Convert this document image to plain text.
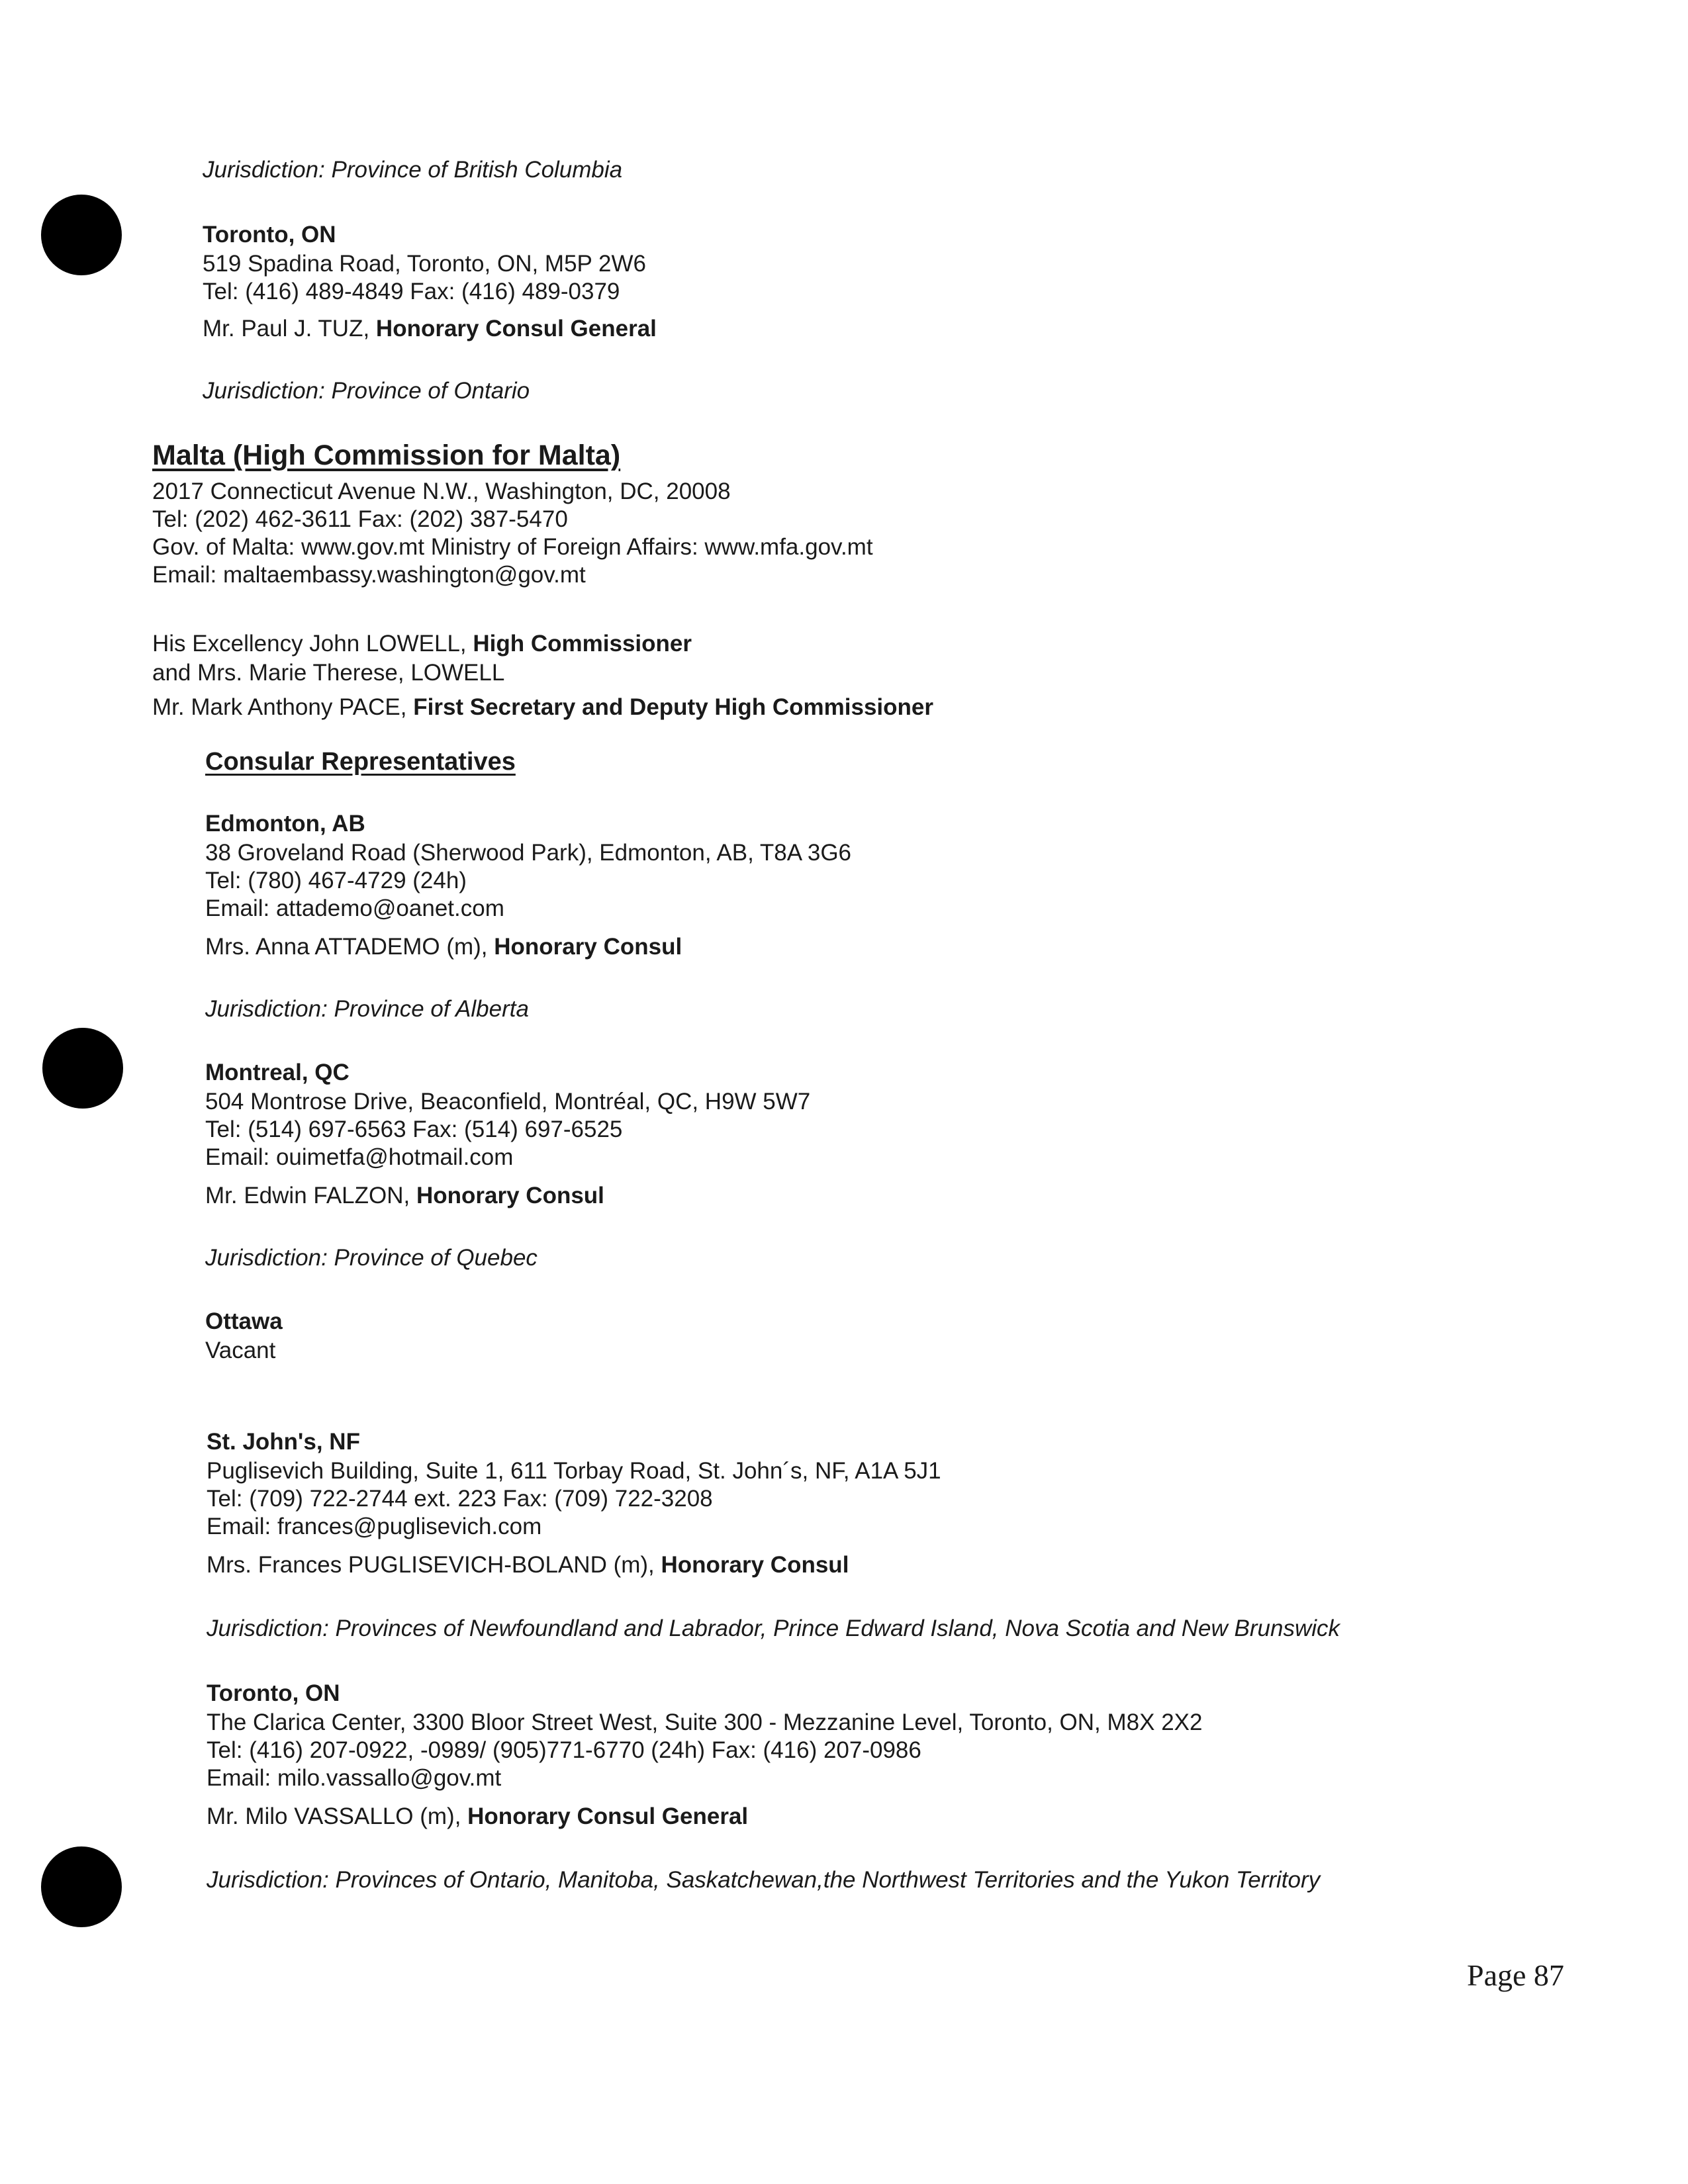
Jurisdiction: Province of British Columbia
Toronto, ON
519 Spadina Road, Toronto, ON, M5P 2W6
Tel: (416) 489-4849 Fax: (416) 489-0379
Mr. Paul J. TUZ, Honorary Consul General
Jurisdiction: Province of Ontario
Malta (High Commission for Malta)
2017 Connecticut Avenue N.W., Washington, DC, 20008
Tel: (202) 462-3611 Fax: (202) 387-5470
Gov. of Malta: www.gov.mt Ministry of Foreign Affairs: www.mfa.gov.mt
Email: maltaembassy.washington@gov.mt
His Excellency John LOWELL, High Commissioner
and Mrs. Marie Therese, LOWELL
Mr. Mark Anthony PACE, First Secretary and Deputy High Commissioner
Consular Representatives
Edmonton, AB
38 Groveland Road (Sherwood Park), Edmonton, AB, T8A 3G6
Tel: (780) 467-4729 (24h)
Email: attademo@oanet.com
Mrs. Anna ATTADEMO (m), Honorary Consul
Jurisdiction: Province of Alberta
Montreal, QC
504 Montrose Drive, Beaconfield, Montréal, QC, H9W 5W7
Tel: (514) 697-6563 Fax: (514) 697-6525
Email: ouimetfa@hotmail.com
Mr. Edwin FALZON, Honorary Consul
Jurisdiction: Province of Quebec
Ottawa
Vacant
St. John's, NF
Puglisevich Building, Suite 1, 611 Torbay Road, St. John´s, NF, A1A 5J1
Tel: (709) 722-2744 ext. 223 Fax: (709) 722-3208
Email: frances@puglisevich.com
Mrs. Frances PUGLISEVICH-BOLAND (m), Honorary Consul
Jurisdiction: Provinces of Newfoundland and Labrador, Prince Edward Island, Nova Scotia and New Brunswick
Toronto, ON
The Clarica Center, 3300 Bloor Street West, Suite 300 - Mezzanine Level, Toronto, ON, M8X 2X2
Tel: (416) 207-0922, -0989/ (905)771-6770 (24h) Fax: (416) 207-0986
Email: milo.vassallo@gov.mt
Mr. Milo VASSALLO (m), Honorary Consul General
Jurisdiction: Provinces of Ontario, Manitoba, Saskatchewan,the Northwest Territories and the Yukon Territory
Page 87
